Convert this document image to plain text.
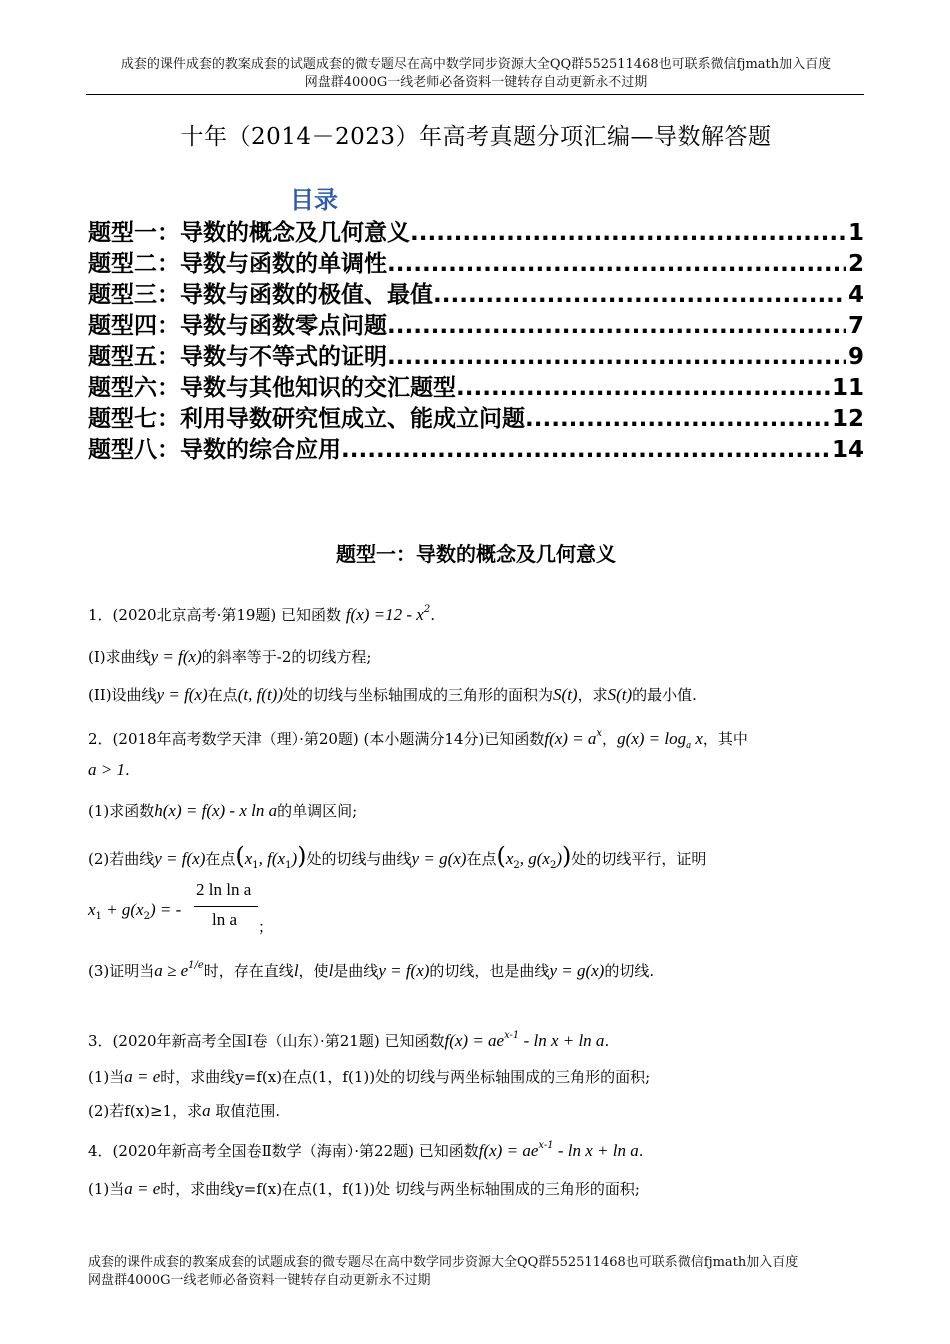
成套的课件成套的教案成套的试题成套的微专题尽在高中数学同步资源大全QQ群552511468也可联系微信fjmath加入百度
网盘群4000G一线老师必备资料一键转存自动更新永不过期
十年（2014－2023）年高考真题分项汇编—导数解答题
目录
题型一：导数的概念及几何意义 .....	1
题型二：导数与函数的单调性 .....	2
题型三：导数与函数的极值、最值 .....	4
题型四：导数与函数零点问题 .....	7
题型五：导数与不等式的证明 .....	9
题型六：导数与其他知识的交汇题型 .....	11
题型七：利用导数研究恒成立、能成立问题 .....	12
题型八：导数的综合应用 .....	14
题型一：导数的概念及几何意义
1．(2020北京高考·第19题) 已知函数 $f(x) =12 - x^2$.
(I)求曲线y = f(x)的斜率等于-2的切线方程;
(II)设曲线y = f(x)在点(t, f(t))处的切线与坐标轴围成的三角形的面积为S(t)，求S(t)的最小值.
2．(2018年高考数学天津（理）·第20题) (本小题满分14分)已知函数$f(x) = a^x$，$g(x) = \log_a x$，其中
a > 1.
(1)求函数h(x) = f(x) - x ln a的单调区间;
(2)若曲线y = f(x)在点($x_1$, $f(x_1)$)处的切线与曲线y = g(x)在点($x_2$, $g(x_2)$)处的切线平行，证明
$x_1 + g(x_2)$ = -
2 ln ln a
ln a ；
(3)证明当$a \ge e^{1/e}$时，存在直线l，使l是曲线y = f(x)的切线，也是曲线y = g(x)的切线.
3．(2020年新高考全国Ⅰ卷（山东）·第21题) 已知函数$f(x) = ae^{x-1} - \ln x + \ln a$.
(1)当a = e时，求曲线y=f(x)在点(1，f(1))处的切线与两坐标轴围成的三角形的面积;
(2)若f(x)≥1，求a 取值范围.
4．(2020年新高考全国卷Ⅱ数学（海南）·第22题) 已知函数$f(x) = ae^{x-1} - \ln x + \ln a$.
(1)当a = e时，求曲线y=f(x)在点(1，f(1))处 切线与两坐标轴围成的三角形的面积;
成套的课件成套的教案成套的试题成套的微专题尽在高中数学同步资源大全QQ群552511468也可联系微信fjmath加入百度
网盘群4000G一线老师必备资料一键转存自动更新永不过期
